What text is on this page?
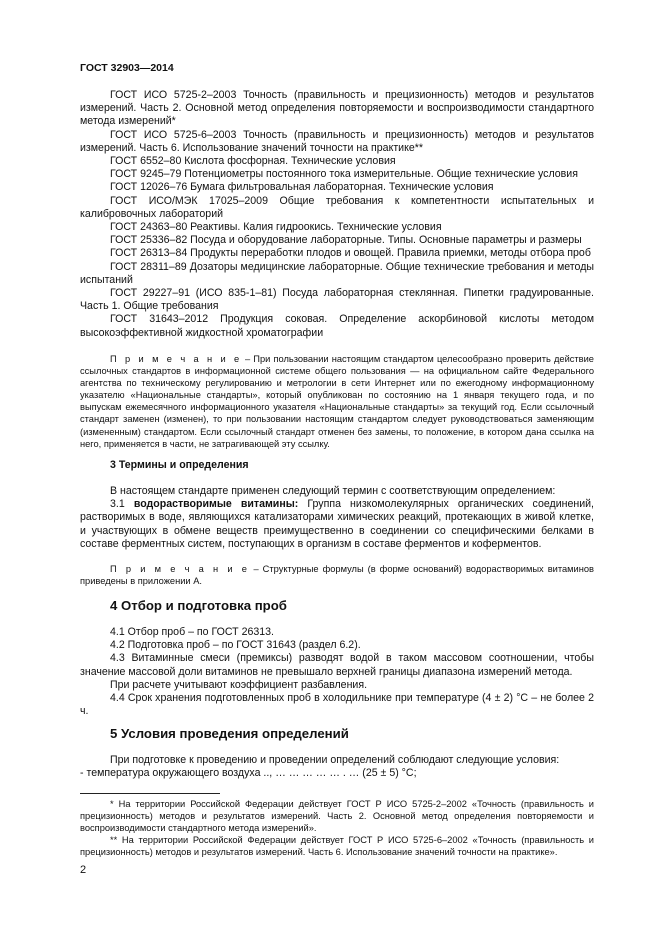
ГОСТ 32903—2014

ГОСТ ИСО 5725-2–2003 Точность (правильность и прецизионность) методов и результатов измерений. Часть 2. Основной метод определения повторяемости и воспроизводимости стандартного метода измерений*

ГОСТ ИСО 5725-6–2003 Точность (правильность и прецизионность) методов и результатов измерений. Часть 6. Использование значений точности на практике**

ГОСТ 6552–80 Кислота фосфорная. Технические условия

ГОСТ 9245–79 Потенциометры постоянного тока измерительные. Общие технические условия

ГОСТ 12026–76 Бумага фильтровальная лабораторная. Технические условия

ГОСТ ИСО/МЭК 17025–2009 Общие требования к компетентности испытательных и калибровочных лабораторий

ГОСТ 24363–80 Реактивы. Калия гидроокись. Технические условия

ГОСТ 25336–82 Посуда и оборудование лабораторные. Типы. Основные параметры и размеры

ГОСТ 26313–84 Продукты переработки плодов и овощей. Правила приемки, методы отбора проб

ГОСТ 28311–89 Дозаторы медицинские лабораторные. Общие технические требования и методы испытаний

ГОСТ 29227–91 (ИСО 835-1–81) Посуда лабораторная стеклянная. Пипетки градуированные. Часть 1. Общие требования

ГОСТ 31643–2012 Продукция соковая. Определение аскорбиновой кислоты методом высокоэффективной жидкостной хроматографии

П р и м е ч а н и е – При пользовании настоящим стандартом целесообразно проверить действие ссылочных стандартов в информационной системе общего пользования — на официальном сайте Федерального агентства по техническому регулированию и метрологии в сети Интернет или по ежегодному информационному указателю «Национальные стандарты», который опубликован по состоянию на 1 января текущего года, и по выпускам ежемесячного информационного указателя «Национальные стандарты» за текущий год. Если ссылочный стандарт заменен (изменен), то при пользовании настоящим стандартом следует руководствоваться заменяющим (измененным) стандартом. Если ссылочный стандарт отменен без замены, то положение, в котором дана ссылка на него, применяется в части, не затрагивающей эту ссылку.

3 Термины и определения

В настоящем стандарте применен следующий термин с соответствующим определением:

3.1 водорастворимые витамины: Группа низкомолекулярных органических соединений, растворимых в воде, являющихся катализаторами химических реакций, протекающих в живой клетке, и участвующих в обмене веществ преимущественно в соединении со специфическими белками в составе ферментных систем, поступающих в организм в составе ферментов и коферментов.

П р и м е ч а н и е – Структурные формулы (в форме оснований) водорастворимых витаминов приведены в приложении А.

4 Отбор и подготовка проб

4.1 Отбор проб – по ГОСТ 26313.

4.2 Подготовка проб – по ГОСТ 31643 (раздел 6.2).

4.3 Витаминные смеси (премиксы) разводят водой в таком массовом соотношении, чтобы значение массовой доли витаминов не превышало верхней границы диапазона измерений метода.

При расчете учитывают коэффициент разбавления.

4.4 Срок хранения подготовленных проб в холодильнике при температуре (4 ± 2) °С – не более 2 ч.

5 Условия проведения определений

При подготовке к проведению и проведении определений соблюдают следующие условия:

- температура окружающего воздуха .., … … … … … . … (25 ± 5) °С;

* На территории Российской Федерации действует ГОСТ Р ИСО 5725-2–2002 «Точность (правильность и прецизионность) методов и результатов измерений. Часть 2. Основной метод определения повторяемости и воспроизводимости стандартного метода измерений».

** На территории Российской Федерации действует ГОСТ Р ИСО 5725-6–2002 «Точность (правильность и прецизионность) методов и результатов измерений. Часть 6. Использование значений точности на практике».

2
